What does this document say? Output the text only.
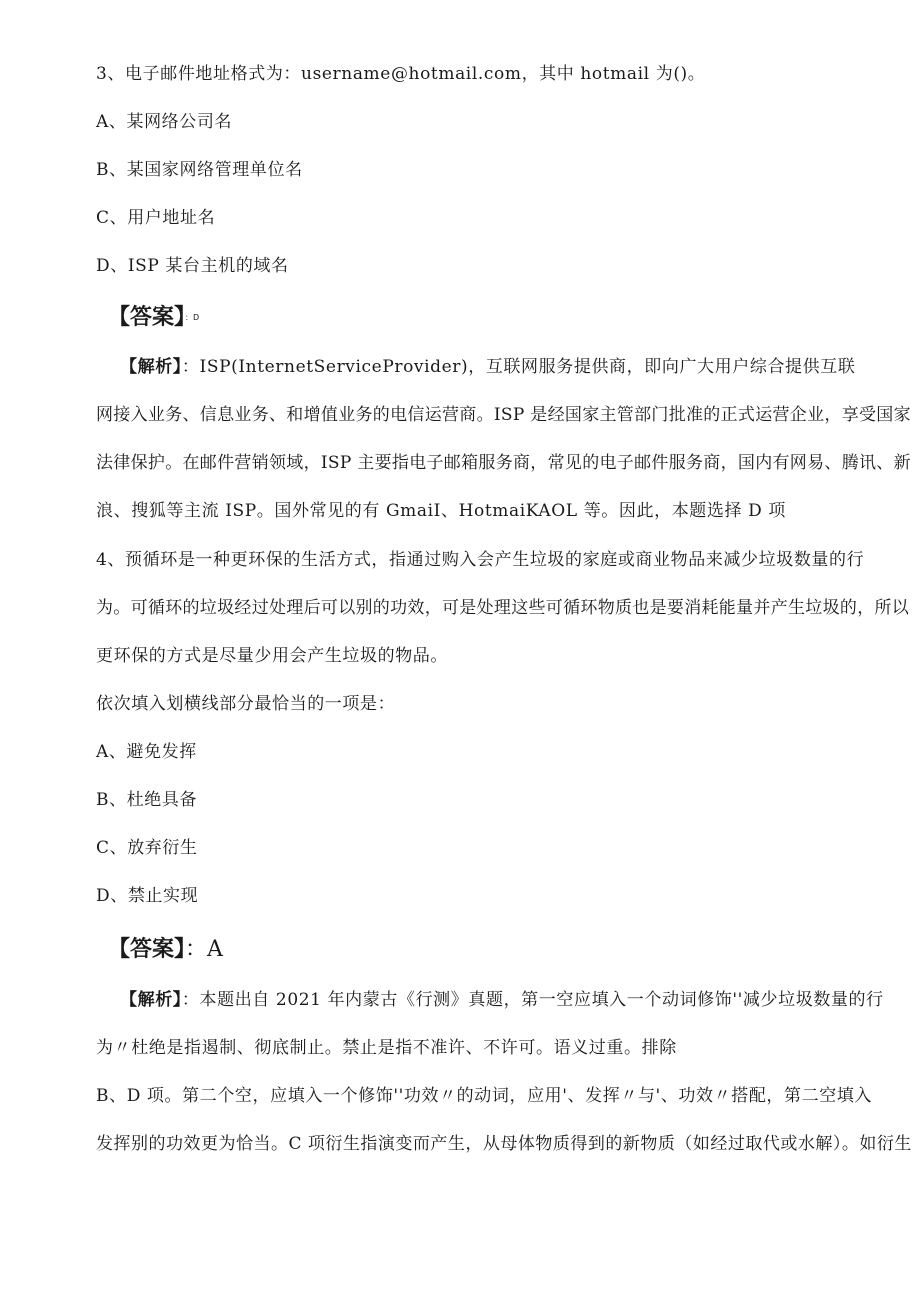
3、电子邮件地址格式为：username@hotmail.com，其中 hotmail 为()。
A、某网络公司名
B、某国家网络管理单位名
C、用户地址名
D、ISP 某台主机的域名
【答案】：D
【解析】：ISP(InternetServiceProvider)，互联网服务提供商，即向广大用户综合提供互联
网接入业务、信息业务、和增值业务的电信运营商。ISP 是经国家主管部门批准的正式运营企业，享受国家
法律保护。在邮件营销领域，ISP 主要指电子邮箱服务商，常见的电子邮件服务商，国内有网易、腾讯、新
浪、搜狐等主流 ISP。国外常见的有 GmaiI、HotmaiKAOL 等。因此，本题选择 D 项
4、预循环是一种更环保的生活方式，指通过购入会产生垃圾的家庭或商业物品来减少垃圾数量的行
为。可循环的垃圾经过处理后可以别的功效，可是处理这些可循环物质也是要消耗能量并产生垃圾的，所以
更环保的方式是尽量少用会产生垃圾的物品。
依次填入划横线部分最恰当的一项是：
A、避免发挥
B、杜绝具备
C、放弃衍生
D、禁止实现
【答案】：A
【解析】：本题出自 2021 年内蒙古《行测》真题，第一空应填入一个动词修饰''减少垃圾数量的行
为〃杜绝是指遏制、彻底制止。禁止是指不准许、不许可。语义过重。排除
B、D 项。第二个空，应填入一个修饰''功效〃的动词，应用'、发挥〃与'、功效〃搭配，第二空填入
发挥别的功效更为恰当。C 项衍生指演变而产生，从母体物质得到的新物质（如经过取代或水解）。如衍生
